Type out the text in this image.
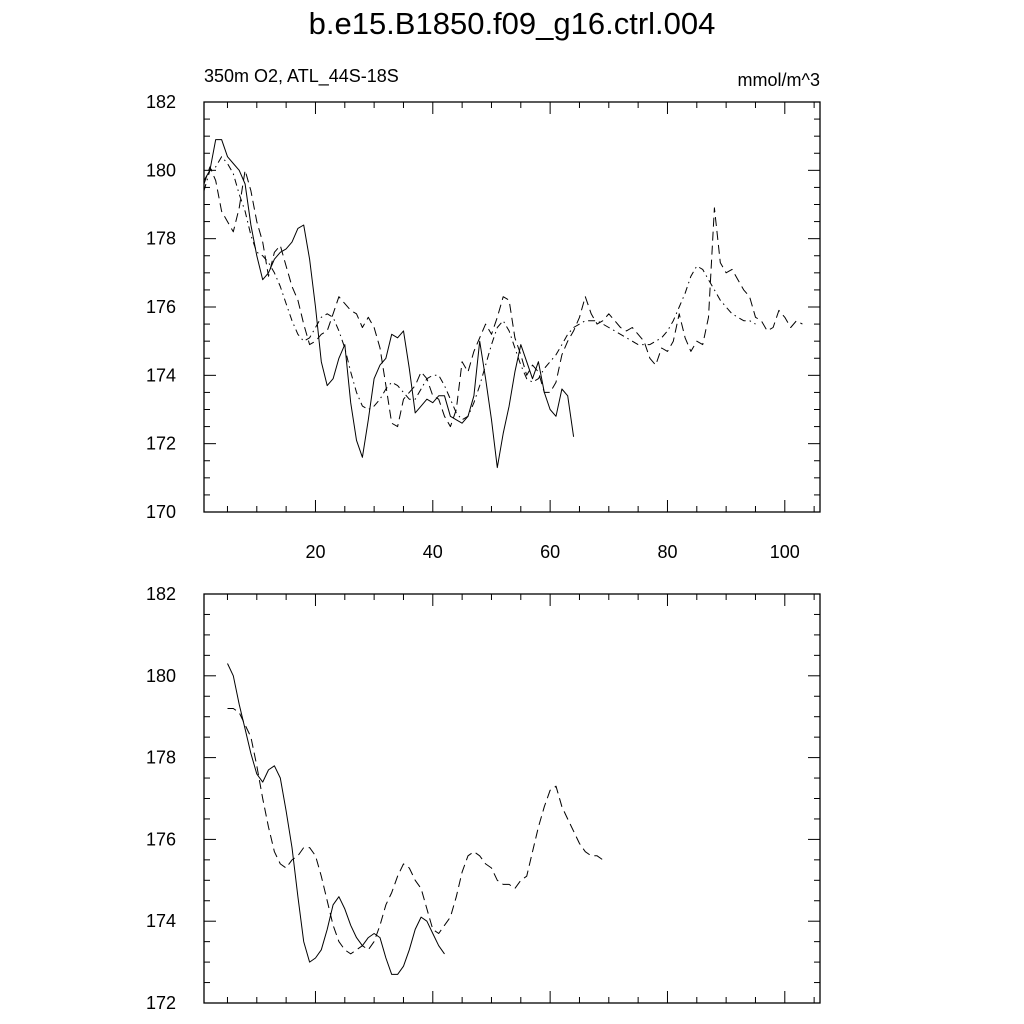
b.e15.B1850.f09_g16.ctrl.004
350m O2, ATL_44S-18S	mmol/m^3
170
172
174
176
178
180
182
20	40	60	80	100
172
174
176
178
180
182
